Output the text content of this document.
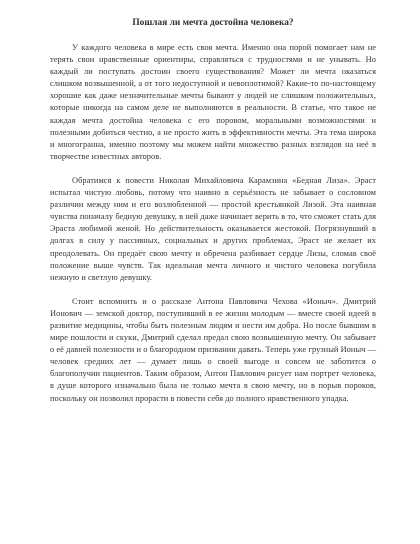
Пошлая ли мечта достойна человека?

У каждого человека в мире есть своя мечта. Именно она порой помогает нам не терять свои нравственные ориентиры, справляться с трудностями и не унывать. Но каждый ли поступать достоин своего существования? Может ли мечта оказаться слишком возвышенной, а от того недоступной и невоплотимой? Какие-то по-настоящему хорошие как даже незначительные мечты бывают у людей не слишком положительных, которые никогда на самом деле не выполняются в реальности. В статье, что такое не каждая мечта достойна человека с его поровом, моральными возможностями и полезными добиться честно, а не просто жить в эффективности мечты. Эта тема широка и многогранна, именно поэтому мы можем найти множество разных взглядов на неё в творчестве известных авторов.

Обратимся к повести Николая Михайловича Карамзина «Бедная Лиза». Эраст испытал чистую любовь, потому что наивно в серьёзность не забывает о сословном различии между ним и его возлюбленной — простой крестьянкой Лизой. Эта наивная чувства поначалу бедную девушку, в ней даже начинает верить в то, что сможет стать для Эраста любимой женой. Но действительность оказывается жестокой. Погрязнувший в долгах в силу у пассивных, социальных и других проблемах, Эраст не желает их преодолевать. Он предаёт свою мечту и обречена разбивает сердце Лизы, сломав своё положение выше чувств. Так идеальная мечта личного и чистого человека погубила нежную и светлую девушку.

Стоит вспомнить и о рассказе Антона Павловича Чехова «Ионыч». Дмитрий Ионович — земской доктор, поступивший в ее жизни молодым — вместе своей идеей в развитие медицины, чтобы быть полезным людям и нести им добра. Но после бывшим в мире пошлости и скуки, Дмитрий сделал предал свою возвышенную мечту. Он забывает о её давней полезности и о благородном призвании давать. Теперь уже грузный Ионыч — человек средних лет — думает лишь о своей выгоде и совсем не заботится о благополучии пациентов. Таким образом, Антон Павлович рисует нам портрет человека, в душе которого изначально была не только мечта в свою мечту, но в порыв пороков, поскольку он позволил прорасти в повести себя до полного нравственного упадка.
